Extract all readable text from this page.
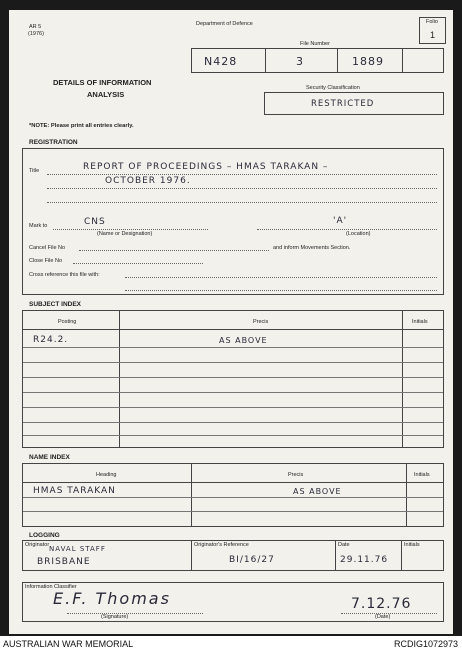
AR 5
(1976)
Department of Defence	Folio
1
File Number
N428	3	1889
DETAILS OF INFORMATION
ANALYSIS
Security Classification
RESTRICTED
*NOTE: Please print all entries clearly.
REGISTRATION
Title	REPORT OF PROCEEDINGS – HMAS TARAKAN –
OCTOBER 1976.
Mark to	CNS
(Name or Designation)
'A'
(Location)
Cancel File No	and inform Movements Section.
Close File No
Cross reference this file with:
SUBJECT INDEX
Posting	Precis	Initials
R24.2.	AS ABOVE
NAME INDEX
Heading	Precis	Initials
HMAS TARAKAN	AS ABOVE
LOGGING
Originator NAVAL STAFF
BRISBANE
Originator's Reference
BI/16/27
Date
29.11.76
Initials
Information Classifier
E.F. Thomas
(Signature)
7.12.76
(Date)
AUSTRALIAN WAR MEMORIAL	RCDIG1072973
